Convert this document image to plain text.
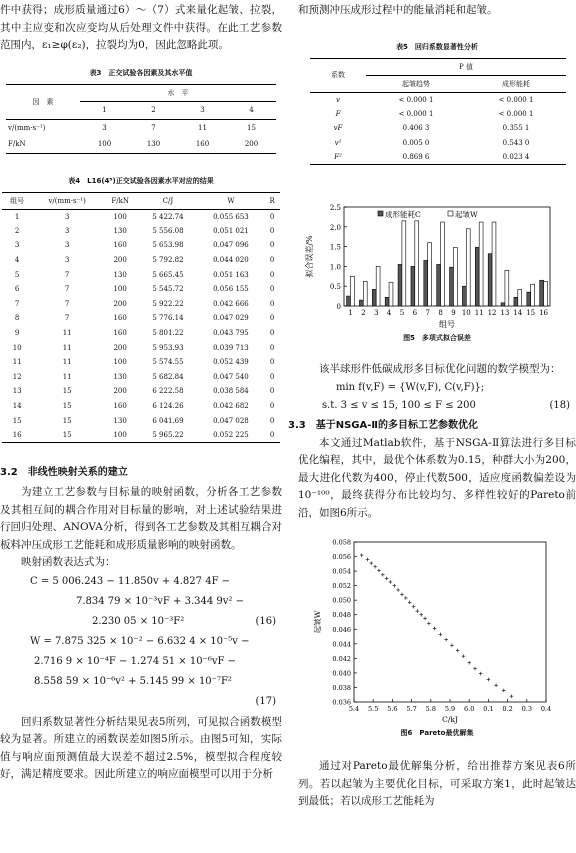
件中获得；成形质量通过6）～（7）式来量化起皱、拉裂，其中主应变和次应变均从后处理文件中获得。在此工艺参数范围内，ε₁≥φ(ε₂)，拉裂均为0，因此忽略此项。

表3　正交试验各因素及其水平值
因　素	水　平			
	1	2	3	4
v/(mm·s⁻¹)	3	7	11	15
F/kN	100	130	160	200
表4　L16(4⁵)正交试验各因素水平对应的结果
组号	v/(mm·s⁻¹)	F/kN	C/J	W	R
1	3	100	5 422.74	0.055 653	0
2	3	130	5 556.08	0.051 021	0
3	3	160	5 653.98	0.047 096	0
4	3	200	5 792.82	0.044 020	0
5	7	130	5 665.45	0.051 163	0
6	7	100	5 545.72	0.056 155	0
7	7	200	5 922.22	0.042 666	0
8	7	160	5 776.14	0.047 029	0
9	11	160	5 801.22	0.043 795	0
10	11	200	5 953.93	0.039 713	0
11	11	100	5 574.55	0.052 439	0
12	11	130	5 682.84	0.047 540	0
13	15	200	6 222.58	0.038 584	0
14	15	160	6 124.26	0.042 682	0
15	15	130	6 041.69	0.047 028	0
16	15	100	5 965.22	0.052 225	0
3.2　非线性映射关系的建立

为建立工艺参数与目标量的映射函数，分析各工艺参数及其相互间的耦合作用对目标量的影响，对上述试验结果进行回归处理、ANOVA分析，得到各工艺参数及其相互耦合对板料冲压成形工艺能耗和成形质量影响的映射函数。

映射函数表达式为：

C = 5 006.243 − 11.850v + 4.827 4F −
7.834 79 × 10⁻³vF + 3.344 9v² −
2.230 05 × 10⁻³F²	(16)
W = 7.875 325 × 10⁻² − 6.632 4 × 10⁻⁵v −
2.716 9 × 10⁻⁴F − 1.274 51 × 10⁻⁶vF −
8.558 59 × 10⁻⁶v² + 5.145 99 × 10⁻⁷F²
(17)

回归系数显著性分析结果见表5所列，可见拟合函数模型较为显著。所建立的函数误差如图5所示。由图5可知，实际值与响应面预测值最大误差不超过2.5%，模型拟合程度较好，满足精度要求。因此所建立的响应面模型可以用于分析

和预测冲压成形过程中的能量消耗和起皱。

表5　回归系数显著性分析
系数	P 值	
	起皱趋势	成形能耗
v	< 0.000 1	< 0.000 1
F	< 0.000 1	< 0.000 1
vF	0.406 3	0.355 1
v²	0.005 0	0.543 0
F²	0.869 6	0.023 4
0
0.5
1.0
1.5
2.0
2.5
1 2 3 4 5 6 7 8 9 10 11 12 13 14 15 16
组号
拟合误差/%
成形能耗C	起皱W
图5　多项式拟合误差

该半球形件低碳成形多目标优化问题的数学模型为：

min f(v,F) = {W(v,F), C(v,F)};
s.t. 3 ≤ v ≤ 15, 100 ≤ F ≤ 200	(18)
3.3　基于NSGA-Ⅱ的多目标工艺参数优化

本文通过Matlab软件，基于NSGA-Ⅱ算法进行多目标优化编程，其中，最优个体系数为0.15，种群大小为200，最大进化代数为400，停止代数500，适应度函数偏差设为10⁻¹⁰⁰，最终获得分布比较均匀、多样性较好的Pareto前沿，如图6所示。

0.036
0.038
0.040
0.042
0.044
0.046
0.048
0.050
0.052
0.054
0.056
0.058
5.4 5.5 5.6 5.7 5.8 5.9 6.0 0.1 0.2 0.3 0.4
C/kJ
起皱W
图6　Pareto最优解集

通过对Pareto最优解集分析，给出推荐方案见表6所列。若以起皱为主要优化目标，可采取方案1，此时起皱达到最低；若以成形工艺能耗为
